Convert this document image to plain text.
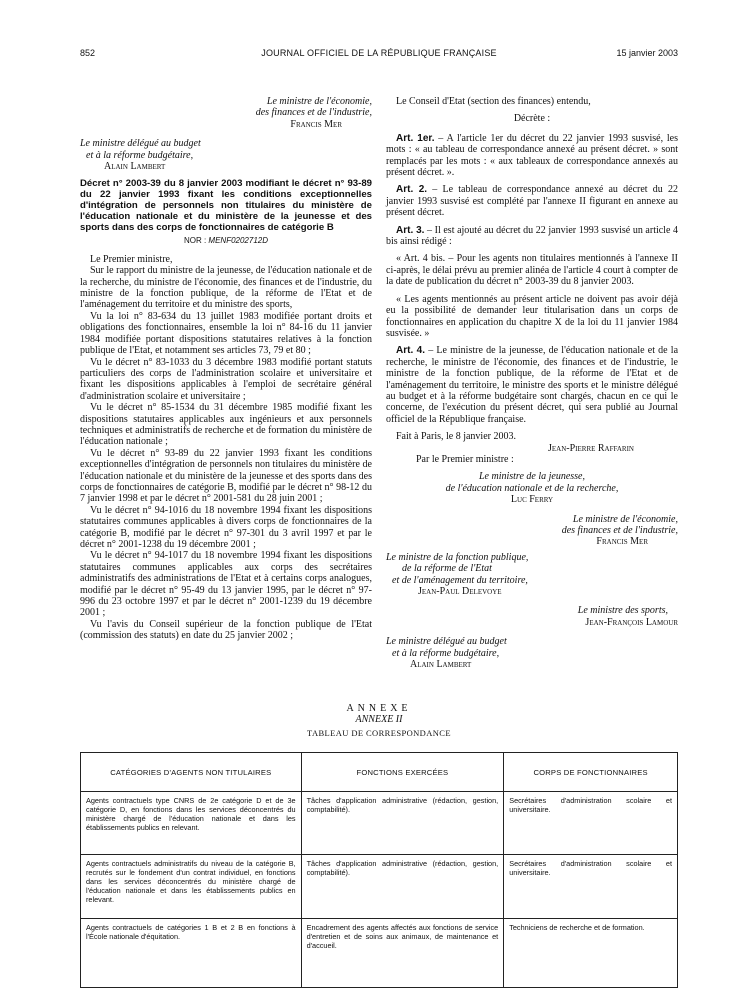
852	JOURNAL OFFICIEL DE LA RÉPUBLIQUE FRANÇAISE	15 janvier 2003

Le ministre de l'économie,

des finances et de l'industrie,

Francis Mer

Le ministre délégué au budget

et à la réforme budgétaire,

Alain Lambert

Décret n° 2003-39 du 8 janvier 2003 modifiant le décret n° 93-89 du 22 janvier 1993 fixant les conditions exceptionnelles d'intégration de personnels non titulaires du ministère de l'éducation nationale et du ministère de la jeunesse et des sports dans des corps de fonctionnaires de catégorie B

NOR : MENF0202712D

Le Premier ministre,

Sur le rapport du ministre de la jeunesse, de l'éducation nationale et de la recherche, du ministre de l'économie, des finances et de l'industrie, du ministre de la fonction publique, de la réforme de l'Etat et de l'aménagement du territoire et du ministre des sports,

Vu la loi n° 83-634 du 13 juillet 1983 modifiée portant droits et obligations des fonctionnaires, ensemble la loi n° 84-16 du 11 janvier 1984 modifiée portant dispositions statutaires relatives à la fonction publique de l'Etat, et notamment ses articles 73, 79 et 80 ;

Vu le décret n° 83-1033 du 3 décembre 1983 modifié portant statuts particuliers des corps de l'administration scolaire et universitaire et fixant les dispositions applicables à l'emploi de secrétaire général d'administration scolaire et universitaire ;

Vu le décret n° 85-1534 du 31 décembre 1985 modifié fixant les dispositions statutaires applicables aux ingénieurs et aux personnels techniques et administratifs de recherche et de formation du ministère de l'éducation nationale ;

Vu le décret n° 93-89 du 22 janvier 1993 fixant les conditions exceptionnelles d'intégration de personnels non titulaires du ministère de l'éducation nationale et du ministère de la jeunesse et des sports dans des corps de fonctionnaires de catégorie B, modifié par le décret n° 98-12 du 7 janvier 1998 et par le décret n° 2001-581 du 28 juin 2001 ;

Vu le décret n° 94-1016 du 18 novembre 1994 fixant les dispositions statutaires communes applicables à divers corps de fonctionnaires de la catégorie B, modifié par le décret n° 97-301 du 3 avril 1997 et par le décret n° 2001-1238 du 19 décembre 2001 ;

Vu le décret n° 94-1017 du 18 novembre 1994 fixant les dispositions statutaires communes applicables aux corps des secrétaires administratifs des administrations de l'Etat et à certains corps analogues, modifié par le décret n° 95-49 du 13 janvier 1995, par le décret n° 97-996 du 23 octobre 1997 et par le décret n° 2001-1239 du 19 décembre 2001 ;

Vu l'avis du Conseil supérieur de la fonction publique de l'Etat (commission des statuts) en date du 25 janvier 2002 ;

Le Conseil d'Etat (section des finances) entendu,

Décrète :

Art. 1er. – A l'article 1er du décret du 22 janvier 1993 susvisé, les mots : « au tableau de correspondance annexé au présent décret. » sont remplacés par les mots : « aux tableaux de correspondance annexés au présent décret. ».

Art. 2. – Le tableau de correspondance annexé au décret du 22 janvier 1993 susvisé est complété par l'annexe II figurant en annexe au présent décret.

Art. 3. – Il est ajouté au décret du 22 janvier 1993 susvisé un article 4 bis ainsi rédigé :

« Art. 4 bis. – Pour les agents non titulaires mentionnés à l'annexe II ci-après, le délai prévu au premier alinéa de l'article 4 court à compter de la date de publication du décret n° 2003-39 du 8 janvier 2003.

« Les agents mentionnés au présent article ne doivent pas avoir déjà eu la possibilité de demander leur titularisation dans un corps de fonctionnaires en application du chapitre X de la loi du 11 janvier 1984 susvisée. »

Art. 4. – Le ministre de la jeunesse, de l'éducation nationale et de la recherche, le ministre de l'économie, des finances et de l'industrie, le ministre de la fonction publique, de la réforme de l'Etat et de l'aménagement du territoire, le ministre des sports et le ministre délégué au budget et à la réforme budgétaire sont chargés, chacun en ce qui le concerne, de l'exécution du présent décret, qui sera publié au Journal officiel de la République française.

Fait à Paris, le 8 janvier 2003.

Jean-Pierre Raffarin

Par le Premier ministre :

Le ministre de la jeunesse,

de l'éducation nationale et de la recherche,

Luc Ferry

Le ministre de l'économie,

des finances et de l'industrie,

Francis Mer

Le ministre de la fonction publique,

de la réforme de l'Etat

et de l'aménagement du territoire,

Jean-Paul Delevoye

Le ministre des sports,

Jean-François Lamour

Le ministre délégué au budget

et à la réforme budgétaire,

Alain Lambert

ANNEXE

ANNEXE II

TABLEAU DE CORRESPONDANCE

CATÉGORIES D'AGENTS NON TITULAIRES	FONCTIONS EXERCÉES	CORPS DE FONCTIONNAIRES
Agents contractuels type CNRS de 2e catégorie D et de 3e catégorie D, en fonctions dans les services déconcentrés du ministère chargé de l'éducation nationale et dans les établissements publics en relevant.	Tâches d'application administrative (rédaction, gestion, comptabilité).	Secrétaires d'administration scolaire et universitaire.
Agents contractuels administratifs du niveau de la catégorie B, recrutés sur le fondement d'un contrat individuel, en fonctions dans les services déconcentrés du ministère chargé de l'éducation nationale et dans les établissements publics en relevant.	Tâches d'application administrative (rédaction, gestion, comptabilité).	Secrétaires d'administration scolaire et universitaire.
Agents contractuels de catégories 1 B et 2 B en fonctions à l'École nationale d'équitation.	Encadrement des agents affectés aux fonctions de service d'entretien et de soins aux animaux, de maintenance et d'accueil.	Techniciens de recherche et de formation.
